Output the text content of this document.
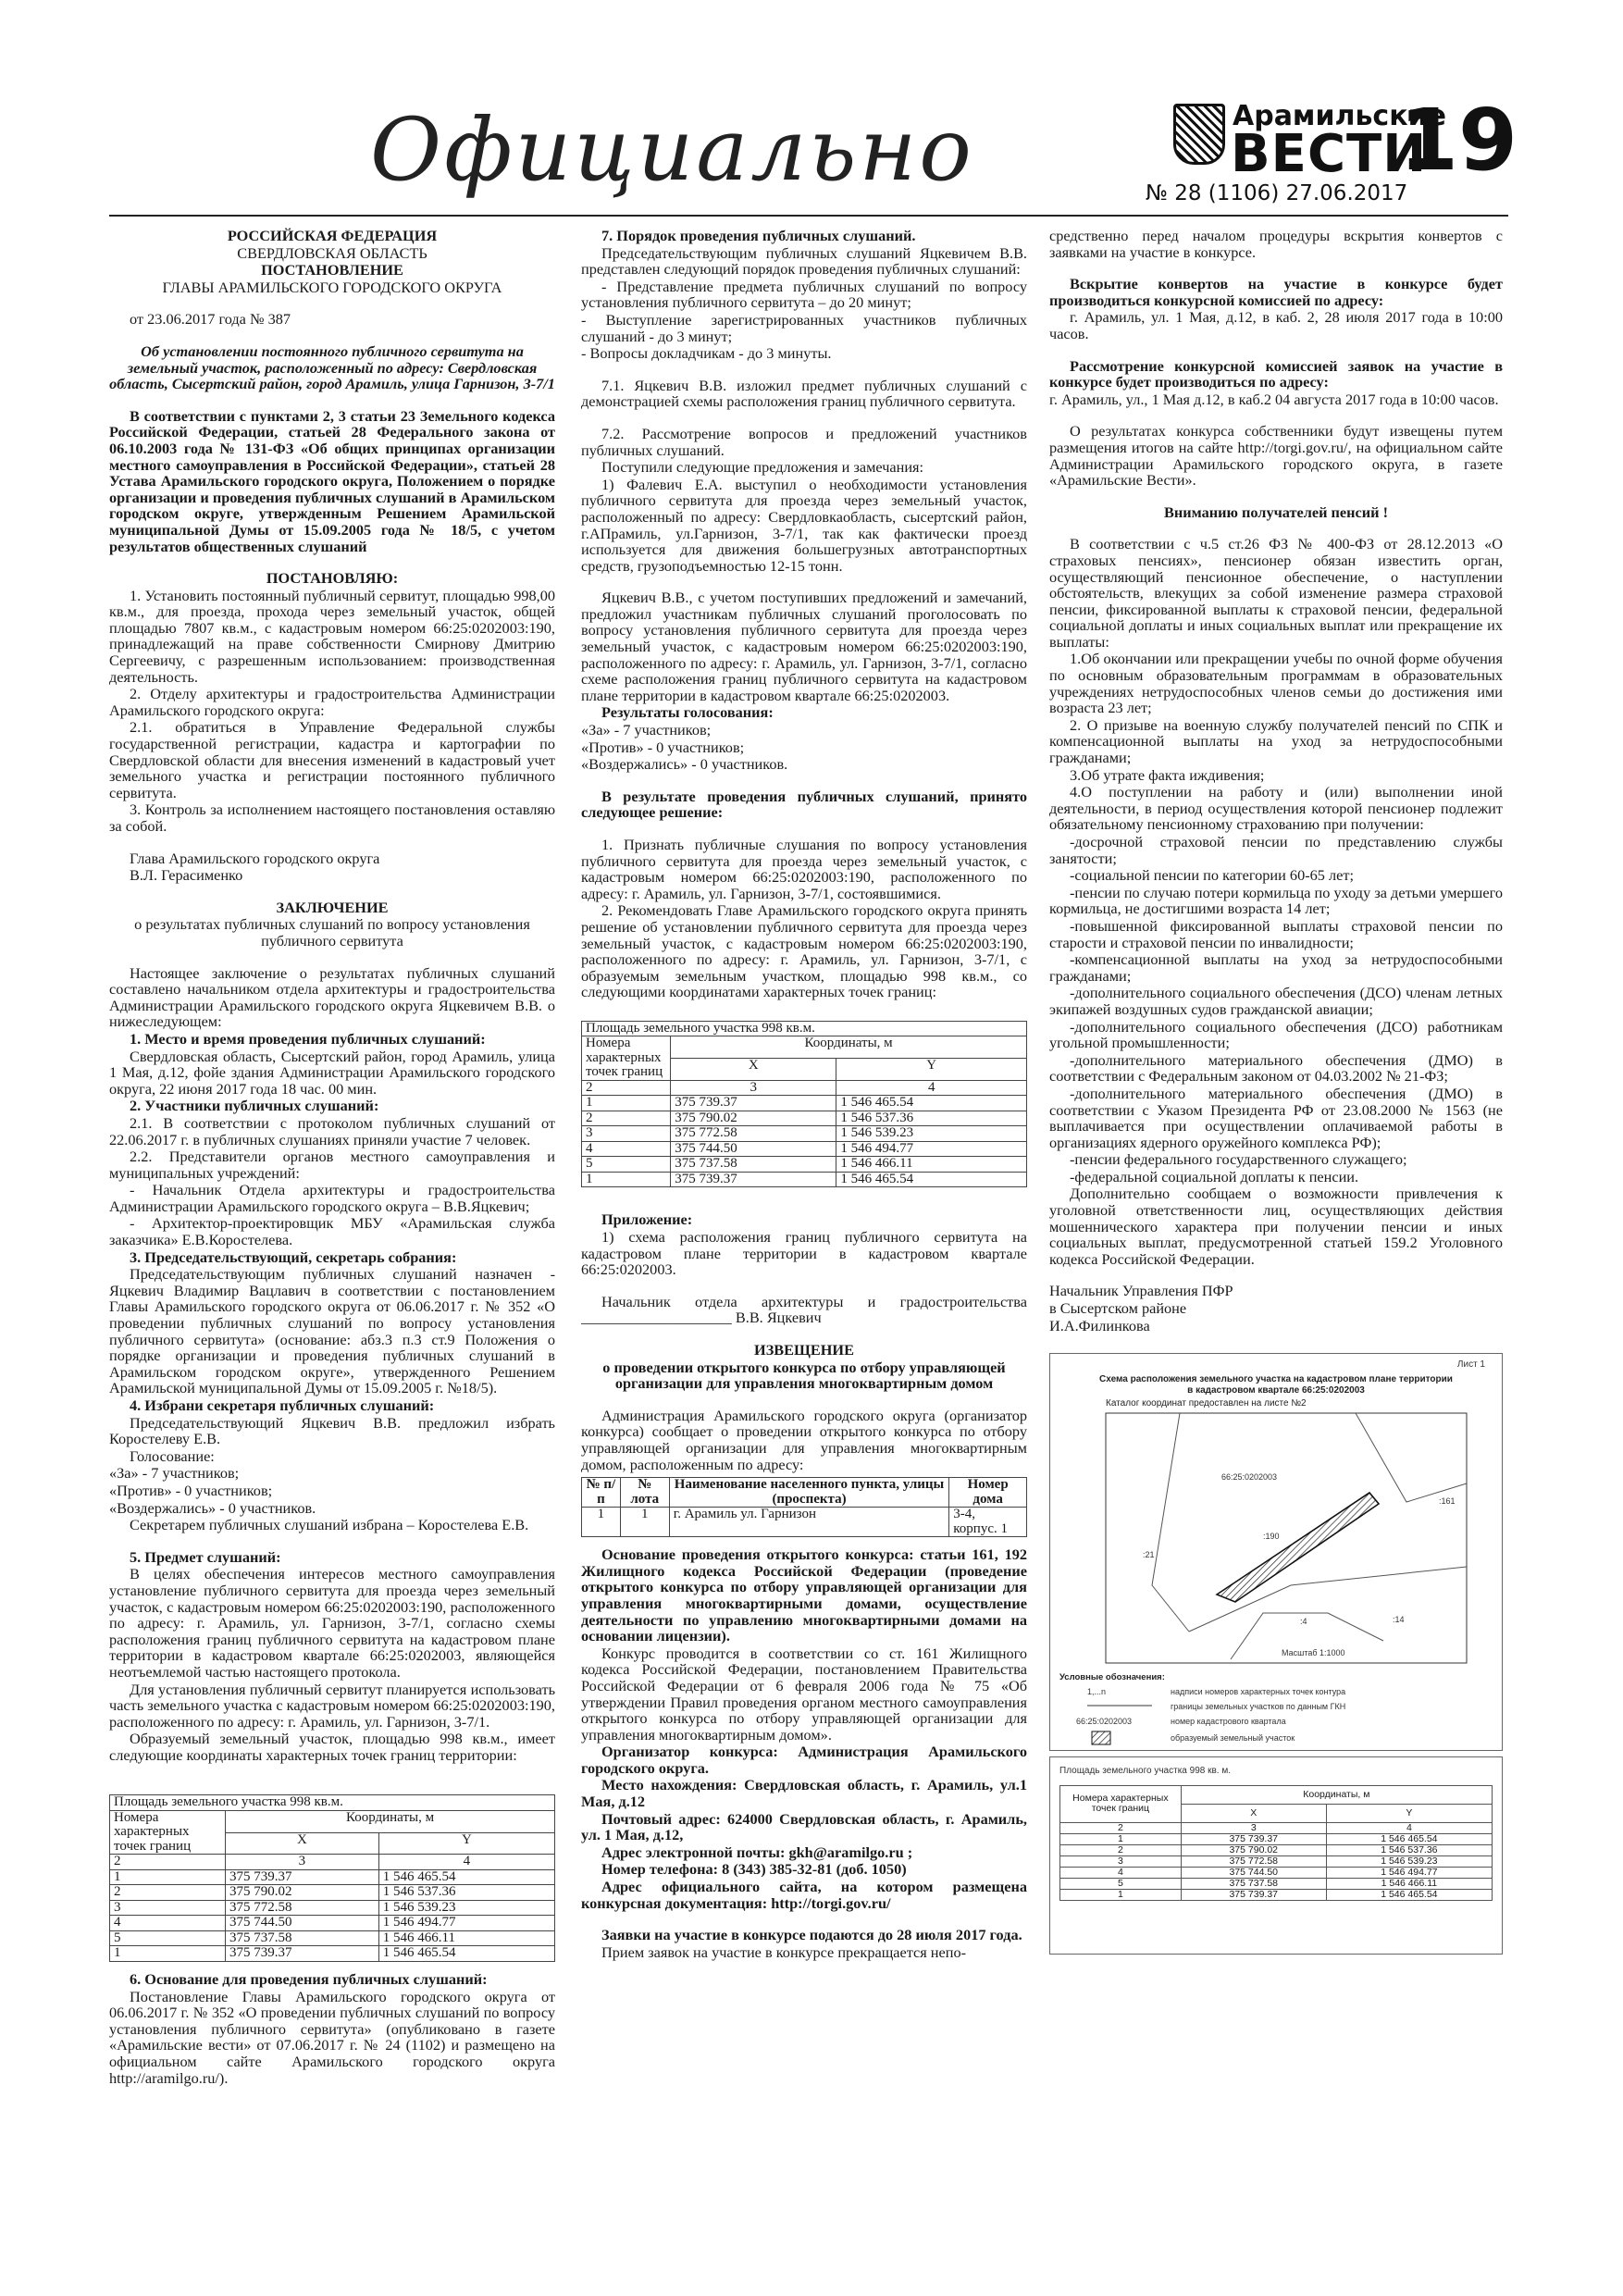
Официально	Арамильские
ВЕСТИ
19
№ 28 (1106) 27.06.2017

РОССИЙСКАЯ ФЕДЕРАЦИЯ

СВЕРДЛОВСКАЯ ОБЛАСТЬ

ПОСТАНОВЛЕНИЕ

ГЛАВЫ АРАМИЛЬСКОГО ГОРОДСКОГО ОКРУГА

от 23.06.2017 года № 387

Об установлении постоянного публичного сервитута на земельный участок, расположенный по адресу: Свердловская область, Сысертский район, город Арамиль, улица Гарнизон, 3-7/1

В соответствии с пунктами 2, 3 статьи 23 Земельного кодекса Российской Федерации, статьей 28 Федерального закона от 06.10.2003 года № 131-ФЗ «Об общих принципах организации местного самоуправления в Российской Федерации», статьей 28 Устава Арамильского городского округа, Положением о порядке организации и проведения публичных слушаний в Арамильском городском округе, утвержденным Решением Арамильской муниципальной Думы от 15.09.2005 года № 18/5, с учетом результатов общественных слушаний

ПОСТАНОВЛЯЮ:

1. Установить постоянный публичный сервитут, площадью 998,00 кв.м., для проезда, прохода через земельный участок, общей площадью 7807 кв.м., с кадастровым номером 66:25:0202003:190, принадлежащий на праве собственности Смирнову Дмитрию Сергеевичу, с разрешенным использованием: производственная деятельность.

2. Отделу архитектуры и градостроительства Администрации Арамильского городского округа:

2.1. обратиться в Управление Федеральной службы государственной регистрации, кадастра и картографии по Свердловской области для внесения изменений в кадастровый учет земельного участка и регистрации постоянного публичного сервитута.

3. Контроль за исполнением настоящего постановления оставляю за собой.

Глава Арамильского городского округа

В.Л. Герасименко

ЗАКЛЮЧЕНИЕ

о результатах публичных слушаний по вопросу установления публичного сервитута

Настоящее заключение о результатах публичных слушаний составлено начальником отдела архитектуры и градостроительства Администрации Арамильского городского округа Яцкевичем В.В. о нижеследующем:

1. Место и время проведения публичных слушаний:

Свердловская область, Сысертский район, город Арамиль, улица 1 Мая, д.12, фойе здания Администрации Арамильского городского округа, 22 июня 2017 года 18 час. 00 мин.

2. Участники публичных слушаний:

2.1. В соответствии с протоколом публичных слушаний от 22.06.2017 г. в публичных слушаниях приняли участие 7 человек.

2.2. Представители органов местного самоуправления и муниципальных учреждений:

- Начальник Отдела архитектуры и градостроительства Администрации Арамильского городского округа – В.В.Яцкевич;

- Архитектор-проектировщик МБУ «Арамильская служба заказчика» Е.В.Коростелева.

3. Председательствующий, секретарь собрания:

Председательствующим публичных слушаний назначен - Яцкевич Владимир Вацлавич в соответствии с постановлением Главы Арамильского городского округа от 06.06.2017 г. № 352 «О проведении публичных слушаний по вопросу установления публичного сервитута» (основание: абз.3 п.3 ст.9 Положения о порядке организации и проведения публичных слушаний в Арамильском городском округе», утвержденного Решением Арамильской муниципальной Думы от 15.09.2005 г. №18/5).

4. Избрани секретаря публичных слушаний:

Председательствующий Яцкевич В.В. предложил избрать Коростелеву Е.В.

Голосование:

«За» - 7 участников;

«Против» - 0 участников;

«Воздержались» - 0 участников.

Секретарем публичных слушаний избрана – Коростелева Е.В.

5. Предмет слушаний:

В целях обеспечения интересов местного самоуправления установление публичного сервитута для проезда через земельный участок, с кадастровым номером 66:25:0202003:190, расположенного по адресу: г. Арамиль, ул. Гарнизон, 3-7/1, согласно схемы расположения границ публичного сервитута на кадастровом плане территории в кадастровом квартале 66:25:0202003, являющейся неотъемлемой частью настоящего протокола.

Для установления публичный сервитут планируется использовать часть земельного участка с кадастровым номером 66:25:0202003:190, расположенного по адресу: г. Арамиль, ул. Гарнизон, 3-7/1.

Образуемый земельный участок, площадью 998 кв.м., имеет следующие координаты характерных точек границ территории:

Площадь земельного участка 998 кв.м.		
Номера характерных точек границ	Координаты, м	
	X	Y
2	3	4
1	375 739.37	1 546 465.54
2	375 790.02	1 546 537.36
3	375 772.58	1 546 539.23
4	375 744.50	1 546 494.77
5	375 737.58	1 546 466.11
1	375 739.37	1 546 465.54

6. Основание для проведения публичных слушаний:

Постановление Главы Арамильского городского округа от 06.06.2017 г. № 352 «О проведении публичных слушаний по вопросу установления публичного сервитута» (опубликовано в газете «Арамильские вести» от 07.06.2017 г. № 24 (1102) и размещено на официальном сайте Арамильского городского округа http://aramilgo.ru/).

7. Порядок проведения публичных слушаний.

Председательствующим публичных слушаний Яцкевичем В.В. представлен следующий порядок проведения публичных слушаний:

- Представление предмета публичных слушаний по вопросу установления публичного сервитута – до 20 минут;

- Выступление зарегистрированных участников публичных слушаний - до 3 минут;

- Вопросы докладчикам - до 3 минуты.

7.1. Яцкевич В.В. изложил предмет публичных слушаний с демонстрацией схемы расположения границ публичного сервитута.

7.2. Рассмотрение вопросов и предложений участников публичных слушаний.

Поступили следующие предложения и замечания:

1) Фалевич Е.А. выступил о необходимости установления публичного сервитута для проезда через земельный участок, расположенный по адресу: Свердловкаобласть, сысертский район, г.АПрамиль, ул.Гарнизон, 3-7/1, так как фактически проезд используется для движения большегрузных автотранспортных средств, грузоподъемностью 12-15 тонн.

Яцкевич В.В., с учетом поступивших предложений и замечаний, предложил участникам публичных слушаний проголосовать по вопросу установления публичного сервитута для проезда через земельный участок, с кадастровым номером 66:25:0202003:190, расположенного по адресу: г. Арамиль, ул. Гарнизон, 3-7/1, согласно схеме расположения границ публичного сервитута на кадастровом плане территории в кадастровом квартале 66:25:0202003.

Результаты голосования:

«За» - 7 участников;

«Против» - 0 участников;

«Воздержались» - 0 участников.

В результате проведения публичных слушаний, принято следующее решение:

1. Признать публичные слушания по вопросу установления публичного сервитута для проезда через земельный участок, с кадастровым номером 66:25:0202003:190, расположенного по адресу: г. Арамиль, ул. Гарнизон, 3-7/1, состоявшимися.

2. Рекомендовать Главе Арамильского городского округа принять решение об установлении публичного сервитута для проезда через земельный участок, с кадастровым номером 66:25:0202003:190, расположенного по адресу: г. Арамиль, ул. Гарнизон, 3-7/1, с образуемым земельным участком, площадью 998 кв.м., со следующими координатами характерных точек границ:

Площадь земельного участка 998 кв.м.		
Номера характерных точек границ	Координаты, м	
	X	Y
2	3	4
1	375 739.37	1 546 465.54
2	375 790.02	1 546 537.36
3	375 772.58	1 546 539.23
4	375 744.50	1 546 494.77
5	375 737.58	1 546 466.11
1	375 739.37	1 546 465.54

Приложение:

1) схема расположения границ публичного сервитута на кадастровом плане территории в кадастровом квартале 66:25:0202003.

Начальник отдела архитектуры и градостроительства ____________________ В.В. Яцкевич

ИЗВЕЩЕНИЕ

о проведении открытого конкурса по отбору управляющей организации для управления многоквартирным домом

Администрация Арамильского городского округа (организатор конкурса) сообщает о проведении открытого конкурса по отбору управляющей организации для управления многоквартирным домом, расположенным по адресу:

№ п/п	№ лота	Наименование населенного пункта, улицы (проспекта)	Номер дома
1	1	г. Арамиль ул. Гарнизон	3-4, корпус. 1

Основание проведения открытого конкурса: статьи 161, 192 Жилищного кодекса Российской Федерации (проведение открытого конкурса по отбору управляющей организации для управления многоквартирными домами, осуществление деятельности по управлению многоквартирными домами на основании лицензии).

Конкурс проводится в соответствии со ст. 161 Жилищного кодекса Российской Федерации, постановлением Правительства Российской Федерации от 6 февраля 2006 года № 75 «Об утверждении Правил проведения органом местного самоуправления открытого конкурса по отбору управляющей организации для управления многоквартирным домом».

Организатор конкурса: Администрация Арамильского городского округа.

Место нахождения: Свердловская область, г. Арамиль, ул.1 Мая, д.12

Почтовый адрес: 624000 Свердловская область, г. Арамиль, ул. 1 Мая, д.12,

Адрес электронной почты: gkh@aramilgo.ru ;

Номер телефона: 8 (343) 385-32-81 (доб. 1050)

Адрес официального сайта, на котором размещена конкурсная документация: http://torgi.gov.ru/

Заявки на участие в конкурсе подаются до 28 июля 2017 года.

Прием заявок на участие в конкурсе прекращается непо-

средственно перед началом процедуры вскрытия конвертов с заявками на участие в конкурсе.

Вскрытие конвертов на участие в конкурсе будет производиться конкурсной комиссией по адресу:

г. Арамиль, ул. 1 Мая, д.12, в каб. 2, 28 июля 2017 года в 10:00 часов.

Рассмотрение конкурсной комиссией заявок на участие в конкурсе будет производиться по адресу:

г. Арамиль, ул., 1 Мая д.12, в каб.2 04 августа 2017 года в 10:00 часов.

О результатах конкурса собственники будут извещены путем размещения итогов на сайте http://torgi.gov.ru/, на официальном сайте Администрации Арамильского городского округа, в газете «Арамильские Вести».

Вниманию получателей пенсий !

В соответствии с ч.5 ст.26 ФЗ № 400-ФЗ от 28.12.2013 «О страховых пенсиях», пенсионер обязан известить орган, осуществляющий пенсионное обеспечение, о наступлении обстоятельств, влекущих за собой изменение размера страховой пенсии, фиксированной выплаты к страховой пенсии, федеральной социальной доплаты и иных социальных выплат или прекращение их выплаты:

1.Об окончании или прекращении учебы по очной форме обучения по основным образовательным программам в образовательных учреждениях нетрудоспособных членов семьи до достижения ими возраста 23 лет;

2. О призыве на военную службу получателей пенсий по СПК и компенсационной выплаты на уход за нетрудоспособными гражданами;

3.Об утрате факта иждивения;

4.О поступлении на работу и (или) выполнении иной деятельности, в период осуществления которой пенсионер подлежит обязательному пенсионному страхованию при получении:

-досрочной страховой пенсии по представлению службы занятости;

-социальной пенсии по категории 60-65 лет;

-пенсии по случаю потери кормильца по уходу за детьми умершего кормильца, не достигшими возраста 14 лет;

-повышенной фиксированной выплаты страховой пенсии по старости и страховой пенсии по инвалидности;

-компенсационной выплаты на уход за нетрудоспособными гражданами;

-дополнительного социального обеспечения (ДСО) членам летных экипажей воздушных судов гражданской авиации;

-дополнительного социального обеспечения (ДСО) работникам угольной промышленности;

-дополнительного материального обеспечения (ДМО) в соответствии с Федеральным законом от 04.03.2002 № 21-ФЗ;

-дополнительного материального обеспечения (ДМО) в соответствии с Указом Президента РФ от 23.08.2000 № 1563 (не выплачивается при осуществлении оплачиваемой работы в организациях ядерного оружейного комплекса РФ);

-пенсии федерального государственного служащего;

-федеральной социальной доплаты к пенсии.

Дополнительно сообщаем о возможности привлечения к уголовной ответственности лиц, осуществляющих действия мошеннического характера при получении пенсии и иных социальных выплат, предусмотренной статьей 159.2 Уголовного кодекса Российской Федерации.

Начальник Управления ПФР

в Сысертском районе

И.А.Филинкова

Лист 1
Схема расположения земельного участка на кадастровом плане территории
в кадастровом квартале 66:25:0202003
Каталог координат предоставлен на листе №2
66:25:0202003
:190
:161
:21
:14
:4
Масштаб 1:1000
Условные обозначения:
1,...n	надписи номеров характерных точек контура
границы земельных участков по данным ГКН
66:25:0202003	номер кадастрового квартала
образуемый земельный участок

Площадь земельного участка 998 кв. м.

Номера характерных точек границ	Координаты, м	
	X	Y
2	3	4
1	375 739.37	1 546 465.54
2	375 790.02	1 546 537.36
3	375 772.58	1 546 539.23
4	375 744.50	1 546 494.77
5	375 737.58	1 546 466.11
1	375 739.37	1 546 465.54
